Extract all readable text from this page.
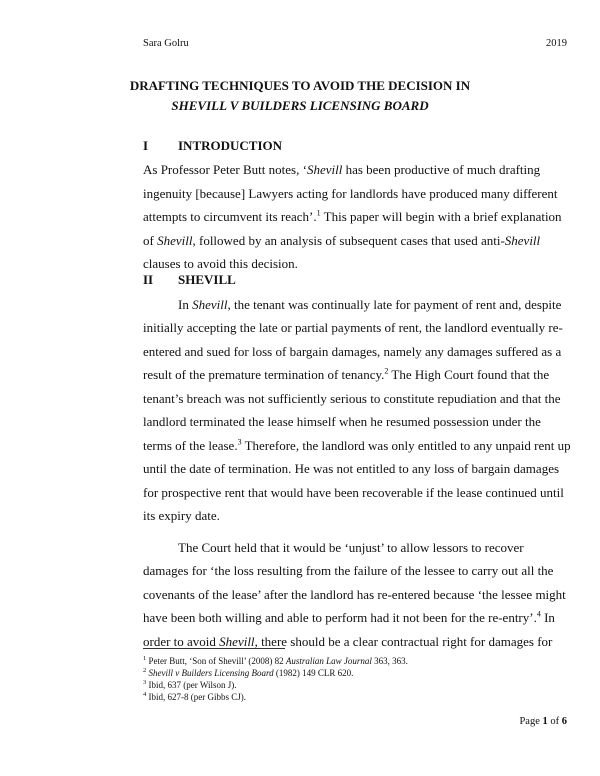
Sara Golru	2019
DRAFTING TECHNIQUES TO AVOID THE DECISION IN
SHEVILL V BUILDERS LICENSING BOARD
I INTRODUCTION

As Professor Peter Butt notes, ‘Shevill has been productive of much drafting

ingenuity [because] Lawyers acting for landlords have produced many different

attempts to circumvent its reach’.$^1$ This paper will begin with a brief explanation

of Shevill, followed by an analysis of subsequent cases that used anti-Shevill

clauses to avoid this decision.

II SHEVILL

In Shevill, the tenant was continually late for payment of rent and, despite

initially accepting the late or partial payments of rent, the landlord eventually re-

entered and sued for loss of bargain damages, namely any damages suffered as a

result of the premature termination of tenancy.$^2$ The High Court found that the

tenant’s breach was not sufficiently serious to constitute repudiation and that the

landlord terminated the lease himself when he resumed possession under the

terms of the lease.$^3$ Therefore, the landlord was only entitled to any unpaid rent up

until the date of termination. He was not entitled to any loss of bargain damages

for prospective rent that would have been recoverable if the lease continued until

its expiry date.

The Court held that it would be ‘unjust’ to allow lessors to recover

damages for ‘the loss resulting from the failure of the lessee to carry out all the

covenants of the lease’ after the landlord has re-entered because ‘the lessee might

have been both willing and able to perform had it not been for the re-entry’.$^4$ In

order to avoid Shevill, there should be a clear contractual right for damages for

$^1$ Peter Butt, ‘Son of Shevill’ (2008) 82 Australian Law Journal 363, 363.

$^2$ Shevill v Builders Licensing Board (1982) 149 CLR 620.

$^3$ Ibid, 637 (per Wilson J).

$^4$ Ibid, 627-8 (per Gibbs CJ).

Page 1 of 6
